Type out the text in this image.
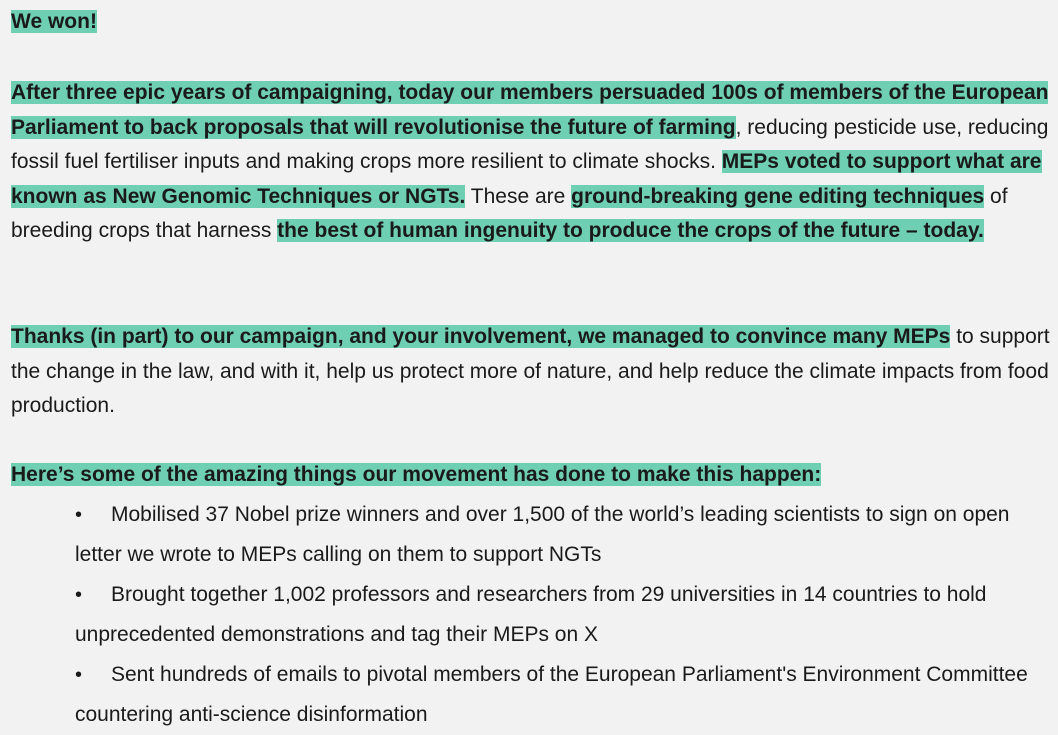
We won!

After three epic years of campaigning, today our members persuaded 100s of members of the European Parliament to back proposals that will revolutionise the future of farming, reducing pesticide use, reducing fossil fuel fertiliser inputs and making crops more resilient to climate shocks. MEPs voted to support what are known as New Genomic Techniques or NGTs. These are ground-breaking gene editing techniques of breeding crops that harness the best of human ingenuity to produce the crops of the future – today.

Thanks (in part) to our campaign, and your involvement, we managed to convince many MEPs to support the change in the law, and with it, help us protect more of nature, and help reduce the climate impacts from food production.

Here’s some of the amazing things our movement has done to make this happen:

• Mobilised 37 Nobel prize winners and over 1,500 of the world’s leading scientists to sign on open letter we wrote to MEPs calling on them to support NGTs
• Brought together 1,002 professors and researchers from 29 universities in 14 countries to hold unprecedented demonstrations and tag their MEPs on X
• Sent hundreds of emails to pivotal members of the European Parliament's Environment Committee countering anti-science disinformation
